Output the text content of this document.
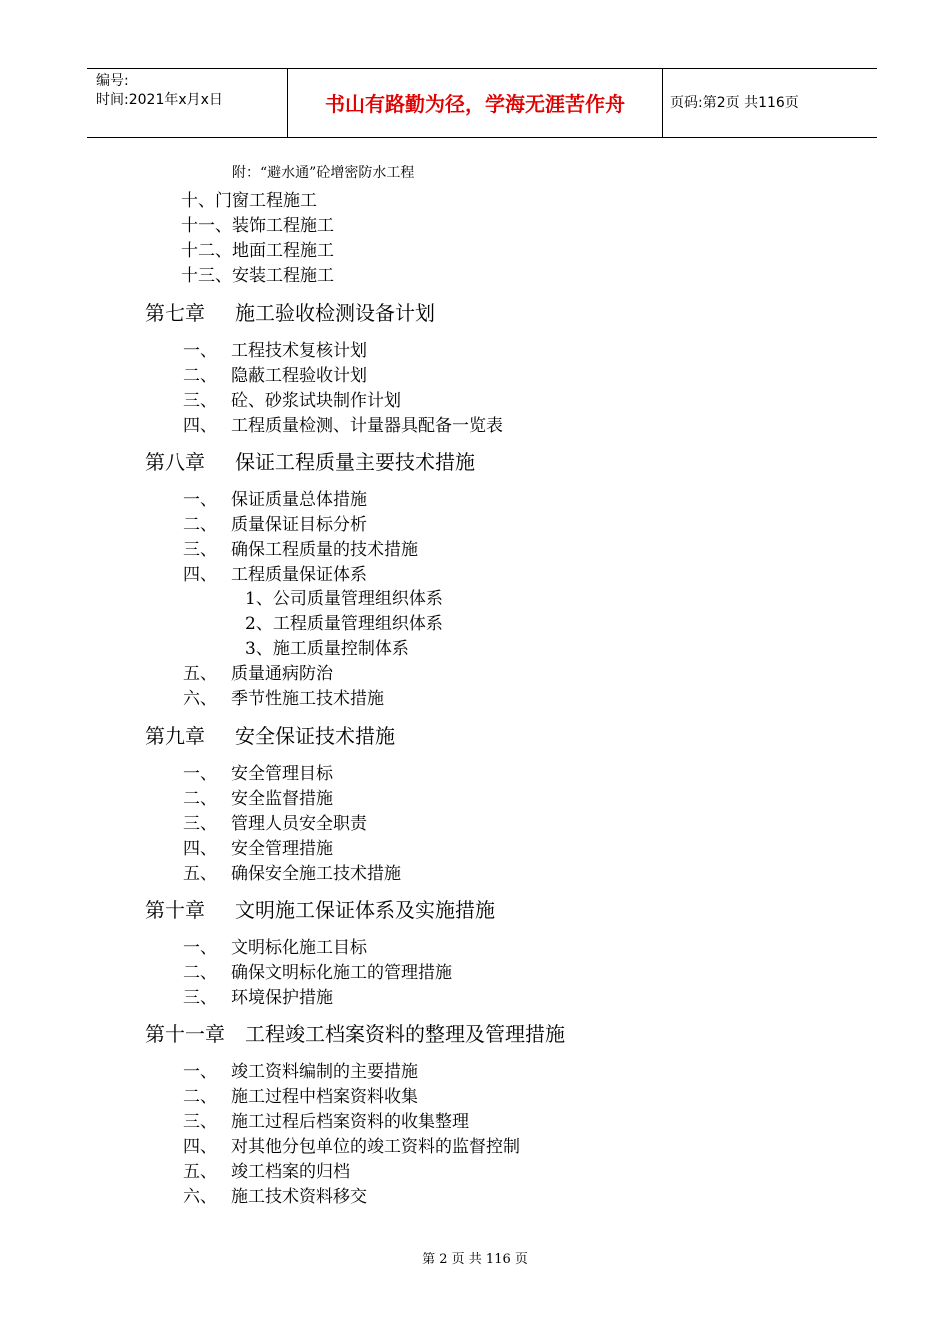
编号:
时间:2021年x月x日	书山有路勤为径，学海无涯苦作舟	页码:第2页 共116页
附：“避水通”砼增密防水工程
十、门窗工程施工
十一、装饰工程施工
十二、地面工程施工
十三、安装工程施工
第七章 施工验收检测设备计划
一、 工程技术复核计划
二、 隐蔽工程验收计划
三、 砼、砂浆试块制作计划
四、 工程质量检测、计量器具配备一览表
第八章 保证工程质量主要技术措施
一、 保证质量总体措施
二、 质量保证目标分析
三、 确保工程质量的技术措施
四、 工程质量保证体系
1、公司质量管理组织体系
2、工程质量管理组织体系
3、施工质量控制体系
五、 质量通病防治
六、 季节性施工技术措施
第九章 安全保证技术措施
一、 安全管理目标
二、 安全监督措施
三、 管理人员安全职责
四、 安全管理措施
五、 确保安全施工技术措施
第十章 文明施工保证体系及实施措施
一、 文明标化施工目标
二、 确保文明标化施工的管理措施
三、 环境保护措施
第十一章 工程竣工档案资料的整理及管理措施
一、 竣工资料编制的主要措施
二、 施工过程中档案资料收集
三、 施工过程后档案资料的收集整理
四、 对其他分包单位的竣工资料的监督控制
五、 竣工档案的归档
六、 施工技术资料移交
第 2 页 共 116 页
